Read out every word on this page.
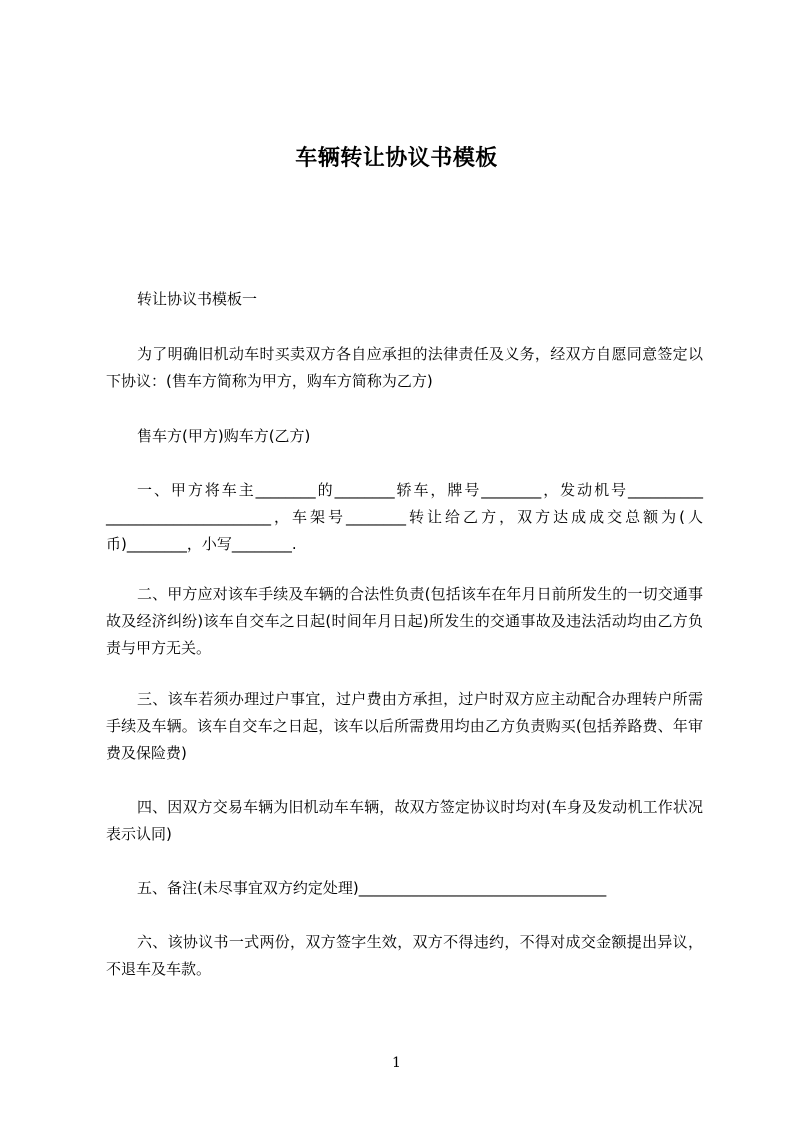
车辆转让协议书模板
转让协议书模板一
为了明确旧机动车时买卖双方各自应承担的法律责任及义务，经双方自愿同意签定以下协议：(售车方简称为甲方，购车方简称为乙方)
售车方(甲方)购车方(乙方)
一、甲方将车主________的________轿车，牌号________，发动机号__________ ______________________，车架号________转让给乙方，双方达成成交总额为(人币)________，小写________.
二、甲方应对该车手续及车辆的合法性负责(包括该车在年月日前所发生的一切交通事故及经济纠纷)该车自交车之日起(时间年月日起)所发生的交通事故及违法活动均由乙方负责与甲方无关。
三、该车若须办理过户事宜，过户费由方承担，过户时双方应主动配合办理转户所需手续及车辆。该车自交车之日起，该车以后所需费用均由乙方负责购买(包括养路费、年审费及保险费)
四、因双方交易车辆为旧机动车车辆，故双方签定协议时均对(车身及发动机工作状况表示认同)
五、备注(未尽事宜双方约定处理)_________________________________
六、该协议书一式两份，双方签字生效，双方不得违约，不得对成交金额提出异议，不退车及车款。
1
